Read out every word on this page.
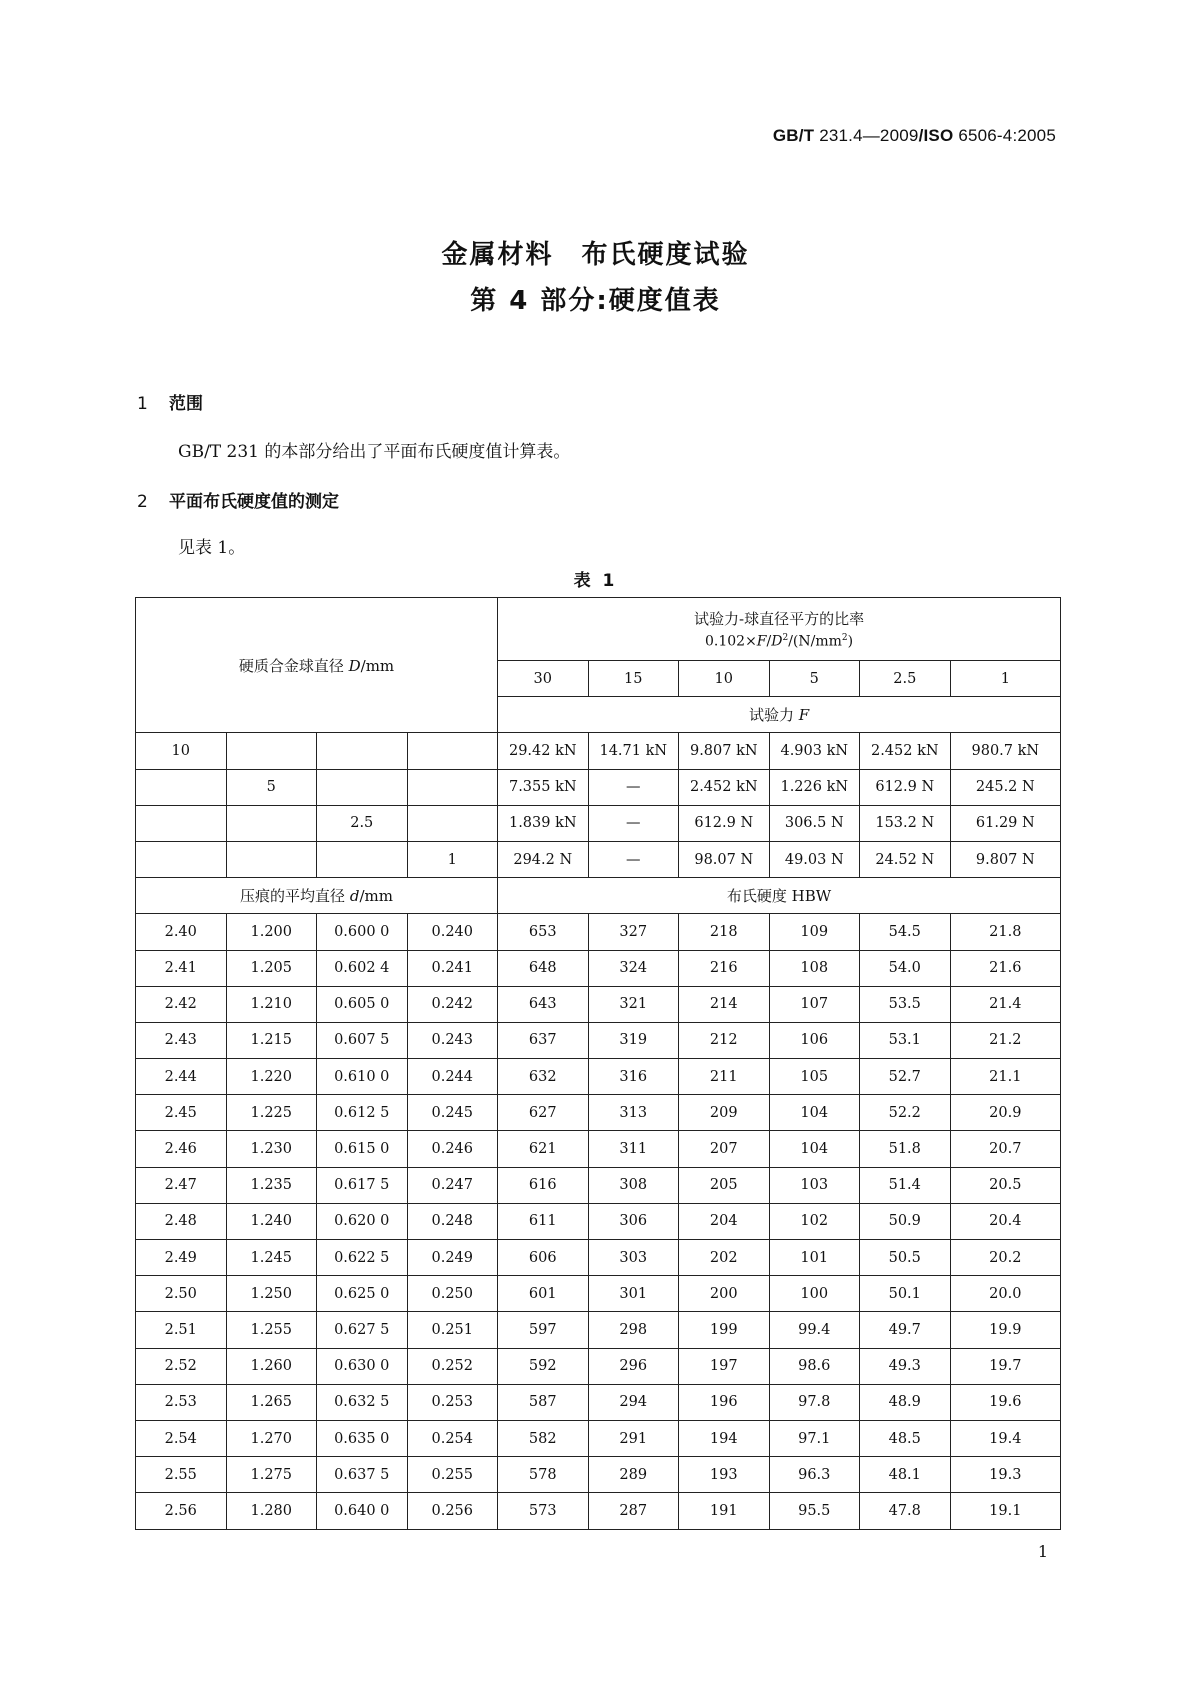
GB/T 231.4—2009/ISO 6506-4:2005
金属材料　布氏硬度试验
第 4 部分:硬度值表
1 范围
GB/T 231 的本部分给出了平面布氏硬度值计算表。
2 平面布氏硬度值的测定
见表 1。
表 1
硬质合金球直径 D/mm				试验力-球直径平方的比率
$0.102\times F/D^2/(N/mm^2)$					

				30	15	10	5	2.5	1
				试验力 F					
10				29.42 kN	14.71 kN	9.807 kN	4.903 kN	2.452 kN	980.7 kN
	5			7.355 kN	—	2.452 kN	1.226 kN	612.9 N	245.2 N
		2.5		1.839 kN	—	612.9 N	306.5 N	153.2 N	61.29 N
			1	294.2 N	—	98.07 N	49.03 N	24.52 N	9.807 N
压痕的平均直径 d/mm				布氏硬度 HBW					
2.40	1.200	0.600 0	0.240	653	327	218	109	54.5	21.8
2.41	1.205	0.602 4	0.241	648	324	216	108	54.0	21.6
2.42	1.210	0.605 0	0.242	643	321	214	107	53.5	21.4
2.43	1.215	0.607 5	0.243	637	319	212	106	53.1	21.2
2.44	1.220	0.610 0	0.244	632	316	211	105	52.7	21.1
2.45	1.225	0.612 5	0.245	627	313	209	104	52.2	20.9
2.46	1.230	0.615 0	0.246	621	311	207	104	51.8	20.7
2.47	1.235	0.617 5	0.247	616	308	205	103	51.4	20.5
2.48	1.240	0.620 0	0.248	611	306	204	102	50.9	20.4
2.49	1.245	0.622 5	0.249	606	303	202	101	50.5	20.2
2.50	1.250	0.625 0	0.250	601	301	200	100	50.1	20.0
2.51	1.255	0.627 5	0.251	597	298	199	99.4	49.7	19.9
2.52	1.260	0.630 0	0.252	592	296	197	98.6	49.3	19.7
2.53	1.265	0.632 5	0.253	587	294	196	97.8	48.9	19.6
2.54	1.270	0.635 0	0.254	582	291	194	97.1	48.5	19.4
2.55	1.275	0.637 5	0.255	578	289	193	96.3	48.1	19.3
2.56	1.280	0.640 0	0.256	573	287	191	95.5	47.8	19.1
1
